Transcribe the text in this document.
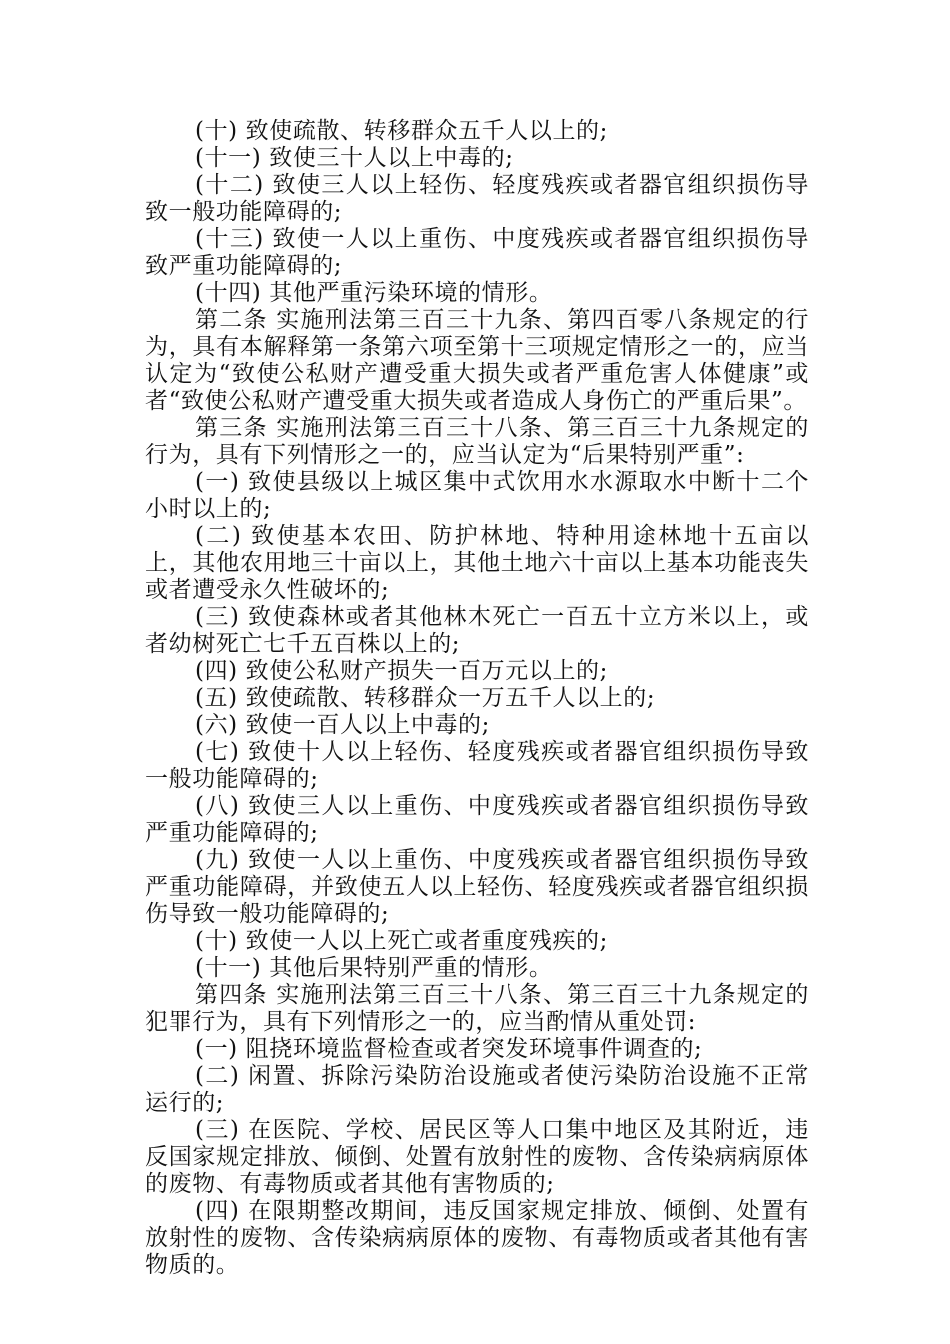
(十) 致使疏散、转移群众五千人以上的;

(十一) 致使三十人以上中毒的;

(十二) 致使三人以上轻伤、轻度残疾或者器官组织损伤导致一般功能障碍的;

(十三) 致使一人以上重伤、中度残疾或者器官组织损伤导致严重功能障碍的;

(十四) 其他严重污染环境的情形。

第二条 实施刑法第三百三十九条、第四百零八条规定的行为，具有本解释第一条第六项至第十三项规定情形之一的，应当认定为“致使公私财产遭受重大损失或者严重危害人体健康”或者“致使公私财产遭受重大损失或者造成人身伤亡的严重后果”。

第三条 实施刑法第三百三十八条、第三百三十九条规定的行为，具有下列情形之一的，应当认定为“后果特别严重”:

(一) 致使县级以上城区集中式饮用水水源取水中断十二个小时以上的;

(二) 致使基本农田、防护林地、特种用途林地十五亩以上，其他农用地三十亩以上，其他土地六十亩以上基本功能丧失或者遭受永久性破坏的;

(三) 致使森林或者其他林木死亡一百五十立方米以上，或者幼树死亡七千五百株以上的;

(四) 致使公私财产损失一百万元以上的;

(五) 致使疏散、转移群众一万五千人以上的;

(六) 致使一百人以上中毒的;

(七) 致使十人以上轻伤、轻度残疾或者器官组织损伤导致一般功能障碍的;

(八) 致使三人以上重伤、中度残疾或者器官组织损伤导致严重功能障碍的;

(九) 致使一人以上重伤、中度残疾或者器官组织损伤导致严重功能障碍，并致使五人以上轻伤、轻度残疾或者器官组织损伤导致一般功能障碍的;

(十) 致使一人以上死亡或者重度残疾的;

(十一) 其他后果特别严重的情形。

第四条 实施刑法第三百三十八条、第三百三十九条规定的犯罪行为，具有下列情形之一的，应当酌情从重处罚:

(一) 阻挠环境监督检查或者突发环境事件调查的;

(二) 闲置、拆除污染防治设施或者使污染防治设施不正常运行的;

(三) 在医院、学校、居民区等人口集中地区及其附近，违反国家规定排放、倾倒、处置有放射性的废物、含传染病病原体的废物、有毒物质或者其他有害物质的;

(四) 在限期整改期间，违反国家规定排放、倾倒、处置有放射性的废物、含传染病病原体的废物、有毒物质或者其他有害物质的。
